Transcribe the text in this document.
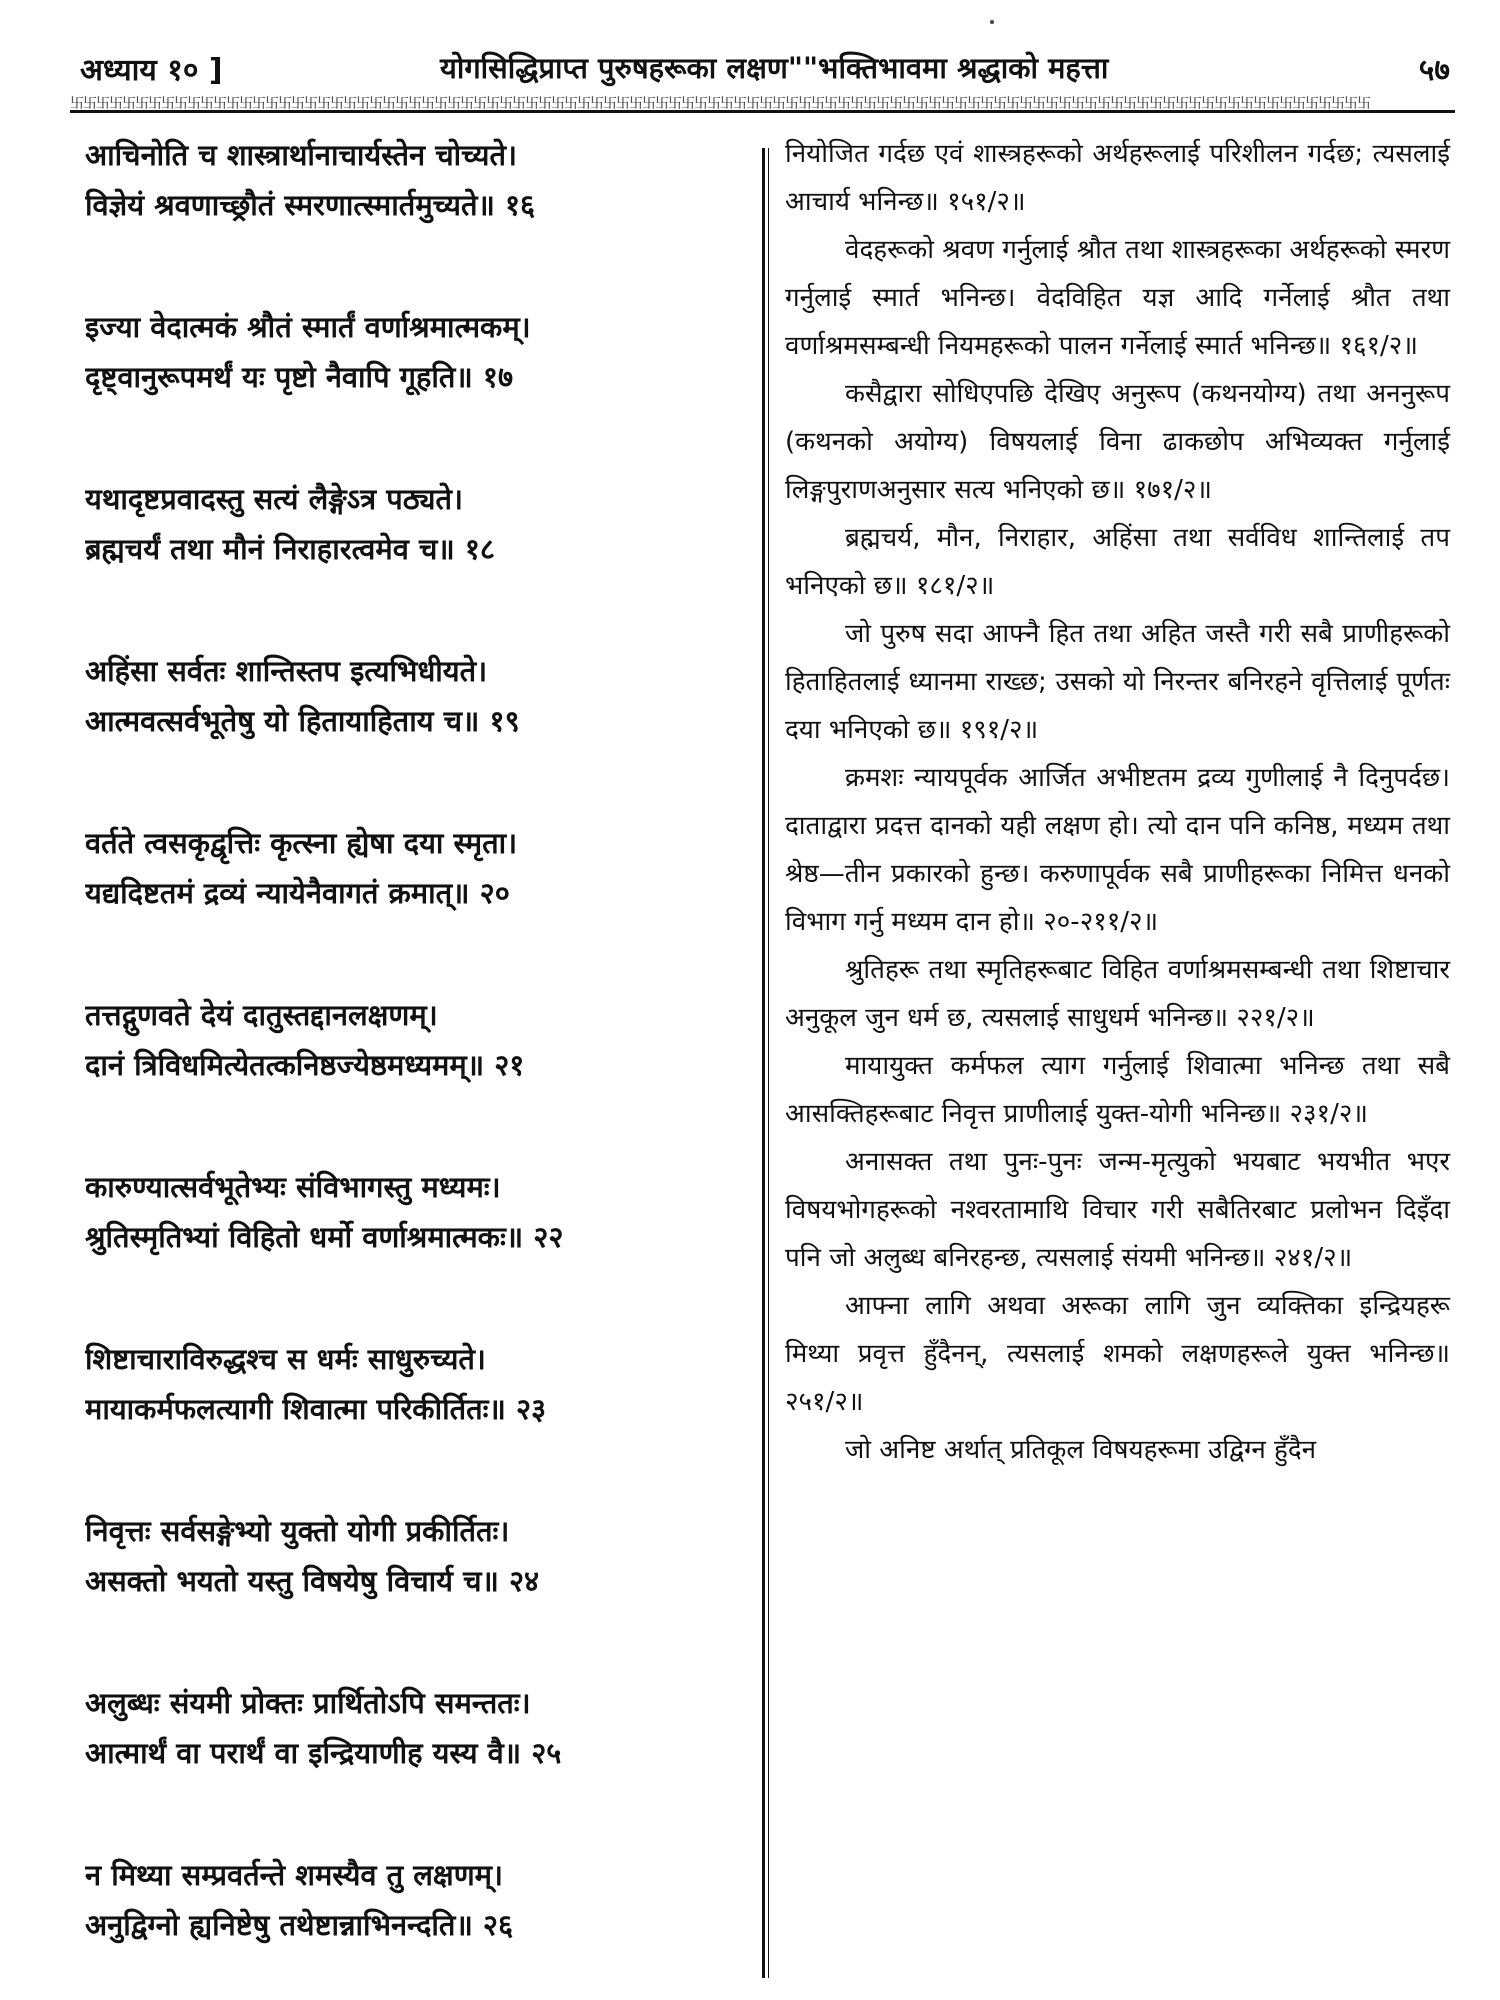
अध्याय १० ]	योगसिद्धिप्राप्त पुरुषहरूका लक्षण""भक्तिभावमा श्रद्धाको महत्ता	५७
卐卐卐卐卐卐卐卐卐卐卐卐卐卐卐卐卐卐卐卐卐卐卐卐卐卐卐卐卐卐卐卐卐卐卐卐卐卐卐卐卐卐卐卐卐卐卐卐卐卐卐卐卐卐卐卐卐卐卐卐卐卐卐卐卐卐卐卐卐卐卐卐卐卐卐卐卐卐卐卐卐卐卐卐卐卐卐卐卐卐卐卐卐卐卐卐卐卐卐卐
आचिनोति च शास्त्रार्थानाचार्यस्तेन चोच्यते।
विज्ञेयं श्रवणाच्छ्रौतं स्मरणात्स्मार्तमुच्यते॥ १६
इज्या वेदात्मकं श्रौतं स्मार्तं वर्णाश्रमात्मकम्।
दृष्ट्वानुरूपमर्थं यः पृष्टो नैवापि गूहति॥ १७
यथादृष्टप्रवादस्तु सत्यं लैङ्गेऽत्र पठ्यते।
ब्रह्मचर्यं तथा मौनं निराहारत्वमेव च॥ १८
अहिंसा सर्वतः शान्तिस्तप इत्यभिधीयते।
आत्मवत्सर्वभूतेषु यो हितायाहिताय च॥ १९
वर्तते त्वसकृद्वृत्तिः कृत्स्ना ह्येषा दया स्मृता।
यद्यदिष्टतमं द्रव्यं न्यायेनैवागतं क्रमात्॥ २०
तत्तद्गुणवते देयं दातुस्तद्दानलक्षणम्।
दानं त्रिविधमित्येतत्कनिष्ठज्येष्ठमध्यमम्॥ २१
कारुण्यात्सर्वभूतेभ्यः संविभागस्तु मध्यमः।
श्रुतिस्मृतिभ्यां विहितो धर्मो वर्णाश्रमात्मकः॥ २२
शिष्टाचाराविरुद्धश्च स धर्मः साधुरुच्यते।
मायाकर्मफलत्यागी शिवात्मा परिकीर्तितः॥ २३
निवृत्तः सर्वसङ्गेभ्यो युक्तो योगी प्रकीर्तितः।
असक्तो भयतो यस्तु विषयेषु विचार्य च॥ २४
अलुब्धः संयमी प्रोक्तः प्रार्थितोऽपि समन्ततः।
आत्मार्थं वा परार्थं वा इन्द्रियाणीह यस्य वै॥ २५
न मिथ्या सम्प्रवर्तन्ते शमस्यैव तु लक्षणम्।
अनुद्विग्नो ह्यनिष्टेषु तथेष्टान्नाभिनन्दति॥ २६

नियोजित गर्दछ एवं शास्त्रहरूको अर्थहरूलाई परिशीलन गर्दछ; त्यसलाई आचार्य भनिन्छ॥ १५१/२॥

वेदहरूको श्रवण गर्नुलाई श्रौत तथा शास्त्रहरूका अर्थहरूको स्मरण गर्नुलाई स्मार्त भनिन्छ। वेदविहित यज्ञ आदि गर्नेलाई श्रौत तथा वर्णाश्रमसम्बन्धी नियमहरूको पालन गर्नेलाई स्मार्त भनिन्छ॥ १६१/२॥

कसैद्वारा सोधिएपछि देखिए अनुरूप (कथनयोग्य) तथा अननुरूप (कथनको अयोग्य) विषयलाई विना ढाकछोप अभिव्यक्त गर्नुलाई लिङ्गपुराणअनुसार सत्य भनिएको छ॥ १७१/२॥

ब्रह्मचर्य, मौन, निराहार, अहिंसा तथा सर्वविध शान्तिलाई तप भनिएको छ॥ १८१/२॥

जो पुरुष सदा आफ्नै हित तथा अहित जस्तै गरी सबै प्राणीहरूको हिताहितलाई ध्यानमा राख्छ; उसको यो निरन्तर बनिरहने वृत्तिलाई पूर्णतः दया भनिएको छ॥ १९१/२॥

क्रमशः न्यायपूर्वक आर्जित अभीष्टतम द्रव्य गुणीलाई नै दिनुपर्दछ। दाताद्वारा प्रदत्त दानको यही लक्षण हो। त्यो दान पनि कनिष्ठ, मध्यम तथा श्रेष्ठ—तीन प्रकारको हुन्छ। करुणापूर्वक सबै प्राणीहरूका निमित्त धनको विभाग गर्नु मध्यम दान हो॥ २०-२११/२॥

श्रुतिहरू तथा स्मृतिहरूबाट विहित वर्णाश्रमसम्बन्धी तथा शिष्टाचार अनुकूल जुन धर्म छ, त्यसलाई साधुधर्म भनिन्छ॥ २२१/२॥

मायायुक्त कर्मफल त्याग गर्नुलाई शिवात्मा भनिन्छ तथा सबै आसक्तिहरूबाट निवृत्त प्राणीलाई युक्त-योगी भनिन्छ॥ २३१/२॥

अनासक्त तथा पुनः-पुनः जन्म-मृत्युको भयबाट भयभीत भएर विषयभोगहरूको नश्वरतामाथि विचार गरी सबैतिरबाट प्रलोभन दिइँदा पनि जो अलुब्ध बनिरहन्छ, त्यसलाई संयमी भनिन्छ॥ २४१/२॥

आफ्ना लागि अथवा अरूका लागि जुन व्यक्तिका इन्द्रियहरू मिथ्या प्रवृत्त हुँदैनन्, त्यसलाई शमको लक्षणहरूले युक्त भनिन्छ॥ २५१/२॥

जो अनिष्ट अर्थात् प्रतिकूल विषयहरूमा उद्विग्न हुँदैन
